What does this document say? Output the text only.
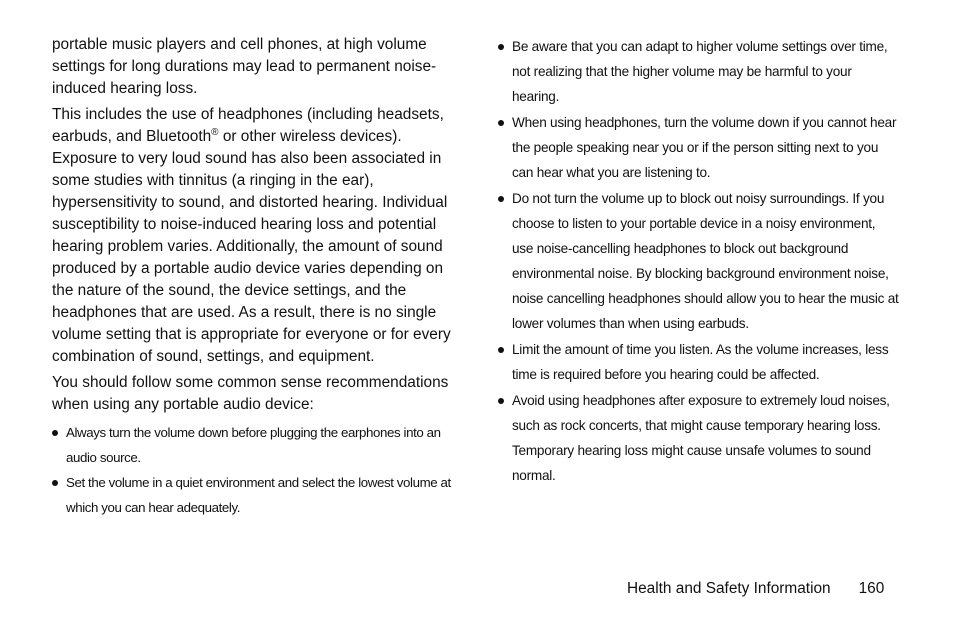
portable music players and cell phones, at high volume settings for long durations may lead to permanent noise-induced hearing loss.

This includes the use of headphones (including headsets, earbuds, and Bluetooth® or other wireless devices). Exposure to very loud sound has also been associated in some studies with tinnitus (a ringing in the ear), hypersensitivity to sound, and distorted hearing. Individual susceptibility to noise-induced hearing loss and potential hearing problem varies. Additionally, the amount of sound produced by a portable audio device varies depending on the nature of the sound, the device settings, and the headphones that are used. As a result, there is no single volume setting that is appropriate for everyone or for every combination of sound, settings, and equipment.

You should follow some common sense recommendations when using any portable audio device:

Always turn the volume down before plugging the earphones into an audio source.
Set the volume in a quiet environment and select the lowest volume at which you can hear adequately.
Be aware that you can adapt to higher volume settings over time, not realizing that the higher volume may be harmful to your hearing.
When using headphones, turn the volume down if you cannot hear the people speaking near you or if the person sitting next to you can hear what you are listening to.
Do not turn the volume up to block out noisy surroundings. If you choose to listen to your portable device in a noisy environment, use noise-cancelling headphones to block out background environmental noise. By blocking background environment noise, noise cancelling headphones should allow you to hear the music at lower volumes than when using earbuds.
Limit the amount of time you listen. As the volume increases, less time is required before you hearing could be affected.
Avoid using headphones after exposure to extremely loud noises, such as rock concerts, that might cause temporary hearing loss. Temporary hearing loss might cause unsafe volumes to sound normal.
Health and Safety Information 160
